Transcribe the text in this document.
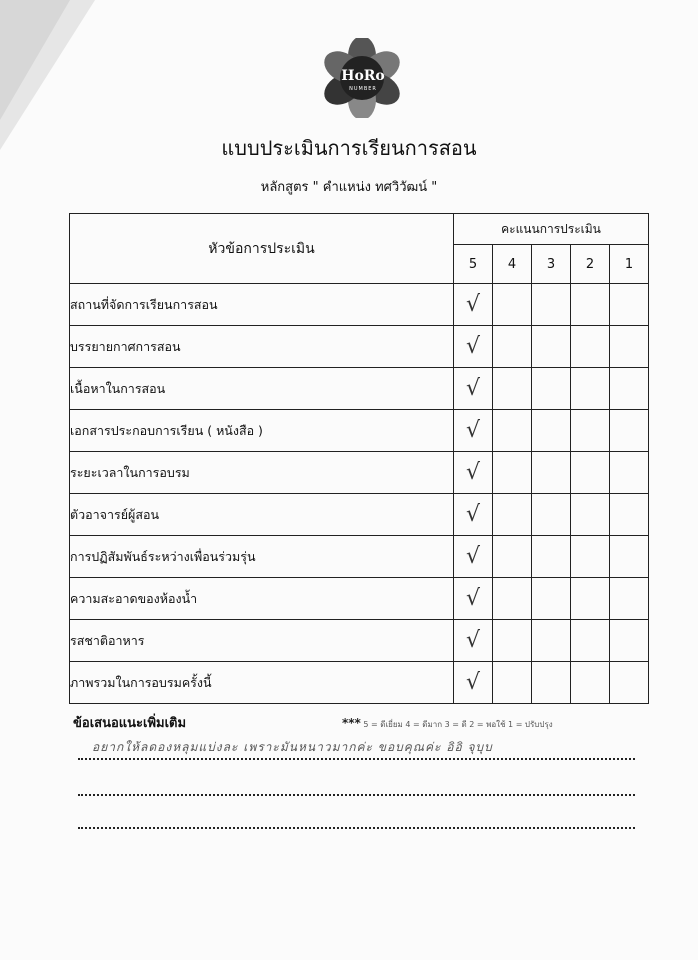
HoRo
NUMBER
แบบประเมินการเรียนการสอน
หลักสูตร " คำแหน่ง ทศวิวัฒน์ "
หัวข้อการประเมิน	คะแนนการประเมิน				
	5	4	3	2	1
สถานที่จัดการเรียนการสอน	√				
บรรยายกาศการสอน	√				
เนื้อหาในการสอน	√				
เอกสารประกอบการเรียน ( หนังสือ )	√				
ระยะเวลาในการอบรม	√				
ตัวอาจารย์ผู้สอน	√				
การปฏิสัมพันธ์ระหว่างเพื่อนร่วมรุ่น	√				
ความสะอาดของห้องน้ำ	√				
รสชาติอาหาร	√				
ภาพรวมในการอบรมครั้งนี้	√				
ข้อเสนอแนะเพิ่มเติม	*** 5 = ดีเยี่ยม 4 = ดีมาก 3 = ดี 2 = พอใช้ 1 = ปรับปรุง
อยากให้ลดองหลุมแบ่งละ เพราะมันหนาวมากค่ะ ขอบคุณค่ะ อิอิ จุบุบ
